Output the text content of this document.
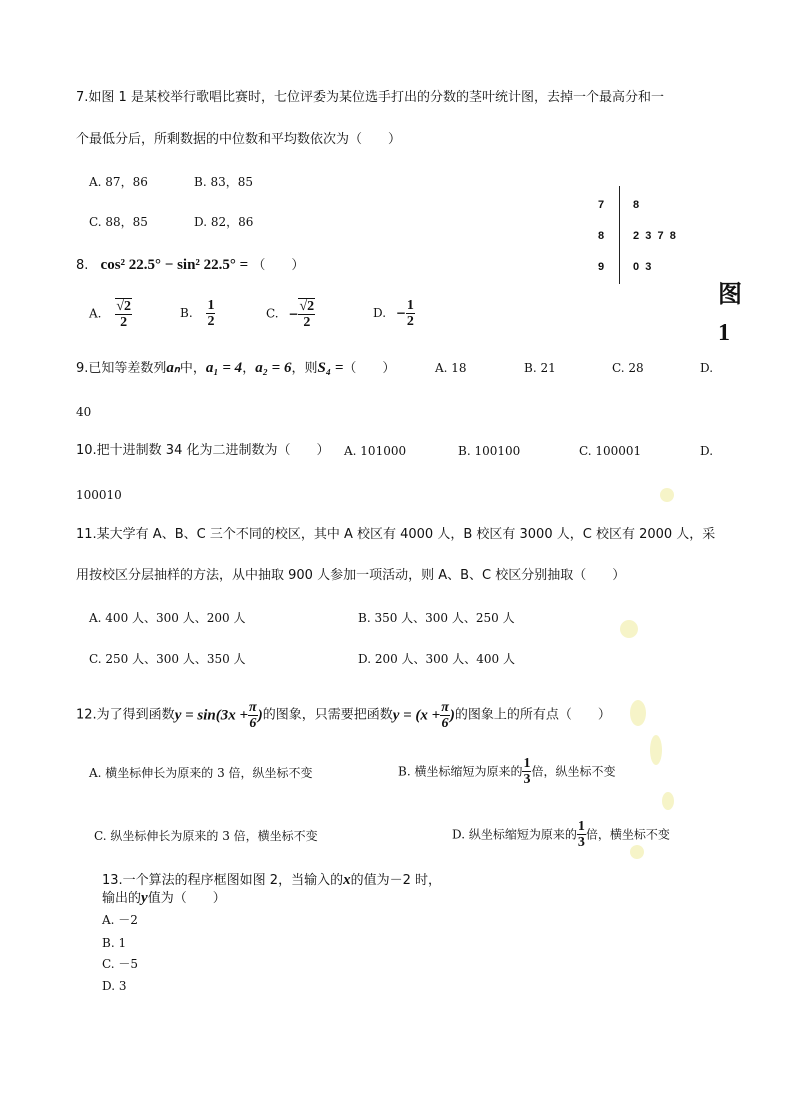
7.如图 1 是某校举行歌唱比赛时，七位评委为某位选手打出的分数的茎叶统计图，去掉一个最高分和一
个最低分后，所剩数据的中位数和平均数依次为（　　）
A. 87，86	B. 83，85
C. 88，85	D. 82，86
7	8
8	2  3  7  8
9	0  3
图
1
8. cos² 22.5° − sin² 22.5° = （　　）
A. $\frac{√2}{2}$	B. $\frac{1}{2}$	C. − $\frac{√2}{2}$	D. − $\frac{1}{2}$
9.已知等差数列aₙ中，a₁ = 4，a₂ = 6，则S₄ =（　　）	A. 18	B. 21	C. 28	D.
40
10.把十进制数 34 化为二进制数为（　　） A. 101000	B. 100100	C. 100001	D.
100010
11.某大学有 A、B、C 三个不同的校区，其中 A 校区有 4000 人，B 校区有 3000 人，C 校区有 2000 人，采
用按校区分层抽样的方法，从中抽取 900 人参加一项活动，则 A、B、C 校区分别抽取（　　）
A. 400 人、300 人、200 人	B. 350 人、300 人、250 人
C. 250 人、300 人、350 人	D. 200 人、300 人、400 人
12.为了得到函数$y = \sin(3x + \frac{\pi}{6}$ )的图象，只需要把函数$y = (x + \frac{\pi}{6}$ )的图象上的所有点（　　）
A. 横坐标伸长为原来的 3 倍，纵坐标不变	B. 横坐标缩短为原来的 $\frac{1}{3}$ 倍，纵坐标不变
C. 纵坐标伸长为原来的 3 倍，横坐标不变	D. 纵坐标缩短为原来的 $\frac{1}{3}$ 倍，横坐标不变
13.一个算法的程序框图如图 2，当输入的x的值为－2 时，
输出的y值为（　　）
A. －2
B. 1
C. －5
D. 3
